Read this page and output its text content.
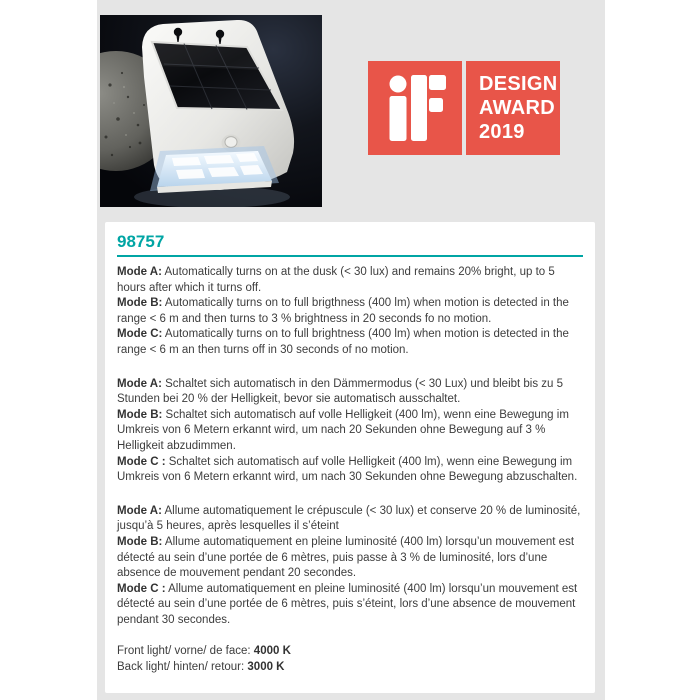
DESIGN
AWARD
2019
98757

Mode A: Automatically turns on at the dusk (< 30 lux) and remains 20% bright, up to 5 hours after which it turns off.

Mode B: Automatically turns on to full brigthness (400 lm) when motion is detected in the range < 6 m and then turns to 3 % brightness in 20 seconds fo no motion.

Mode C: Automatically turns on to full brightness (400 lm) when motion is detected in the range < 6 m an then turns off in 30 seconds of no motion.

Mode A: Schaltet sich automatisch in den Dämmermodus (< 30 Lux) und bleibt bis zu 5 Stunden bei 20 % der Helligkeit, bevor sie automatisch ausschaltet.

Mode B: Schaltet sich automatisch auf volle Helligkeit (400 lm), wenn eine Bewegung im Umkreis von 6 Metern erkannt wird, um nach 20 Sekunden ohne Bewegung auf 3 % Helligkeit abzudimmen.

Mode C : Schaltet sich automatisch auf volle Helligkeit (400 lm), wenn eine Bewegung im Umkreis von 6 Metern erkannt wird, um nach 30 Sekunden ohne Bewegung abzuschalten.

Mode A: Allume automatiquement le crépuscule (< 30 lux) et conserve 20 % de luminosité, jusqu’à 5 heures, après lesquelles il s’éteint

Mode B: Allume automatiquement en pleine luminosité (400 lm) lorsqu’un mouvement est détecté au sein d’une portée de 6 mètres, puis passe à 3 % de luminosité, lors d’une absence de mouvement pendant 20 secondes.

Mode C : Allume automatiquement en pleine luminosité (400 lm) lorsqu’un mouvement est détecté au sein d’une portée de 6 mètres, puis s’éteint, lors d’une absence de mouvement pendant 30 secondes.

Front light/ vorne/ de face: 4000 K
Back light/ hinten/ retour: 3000 K
